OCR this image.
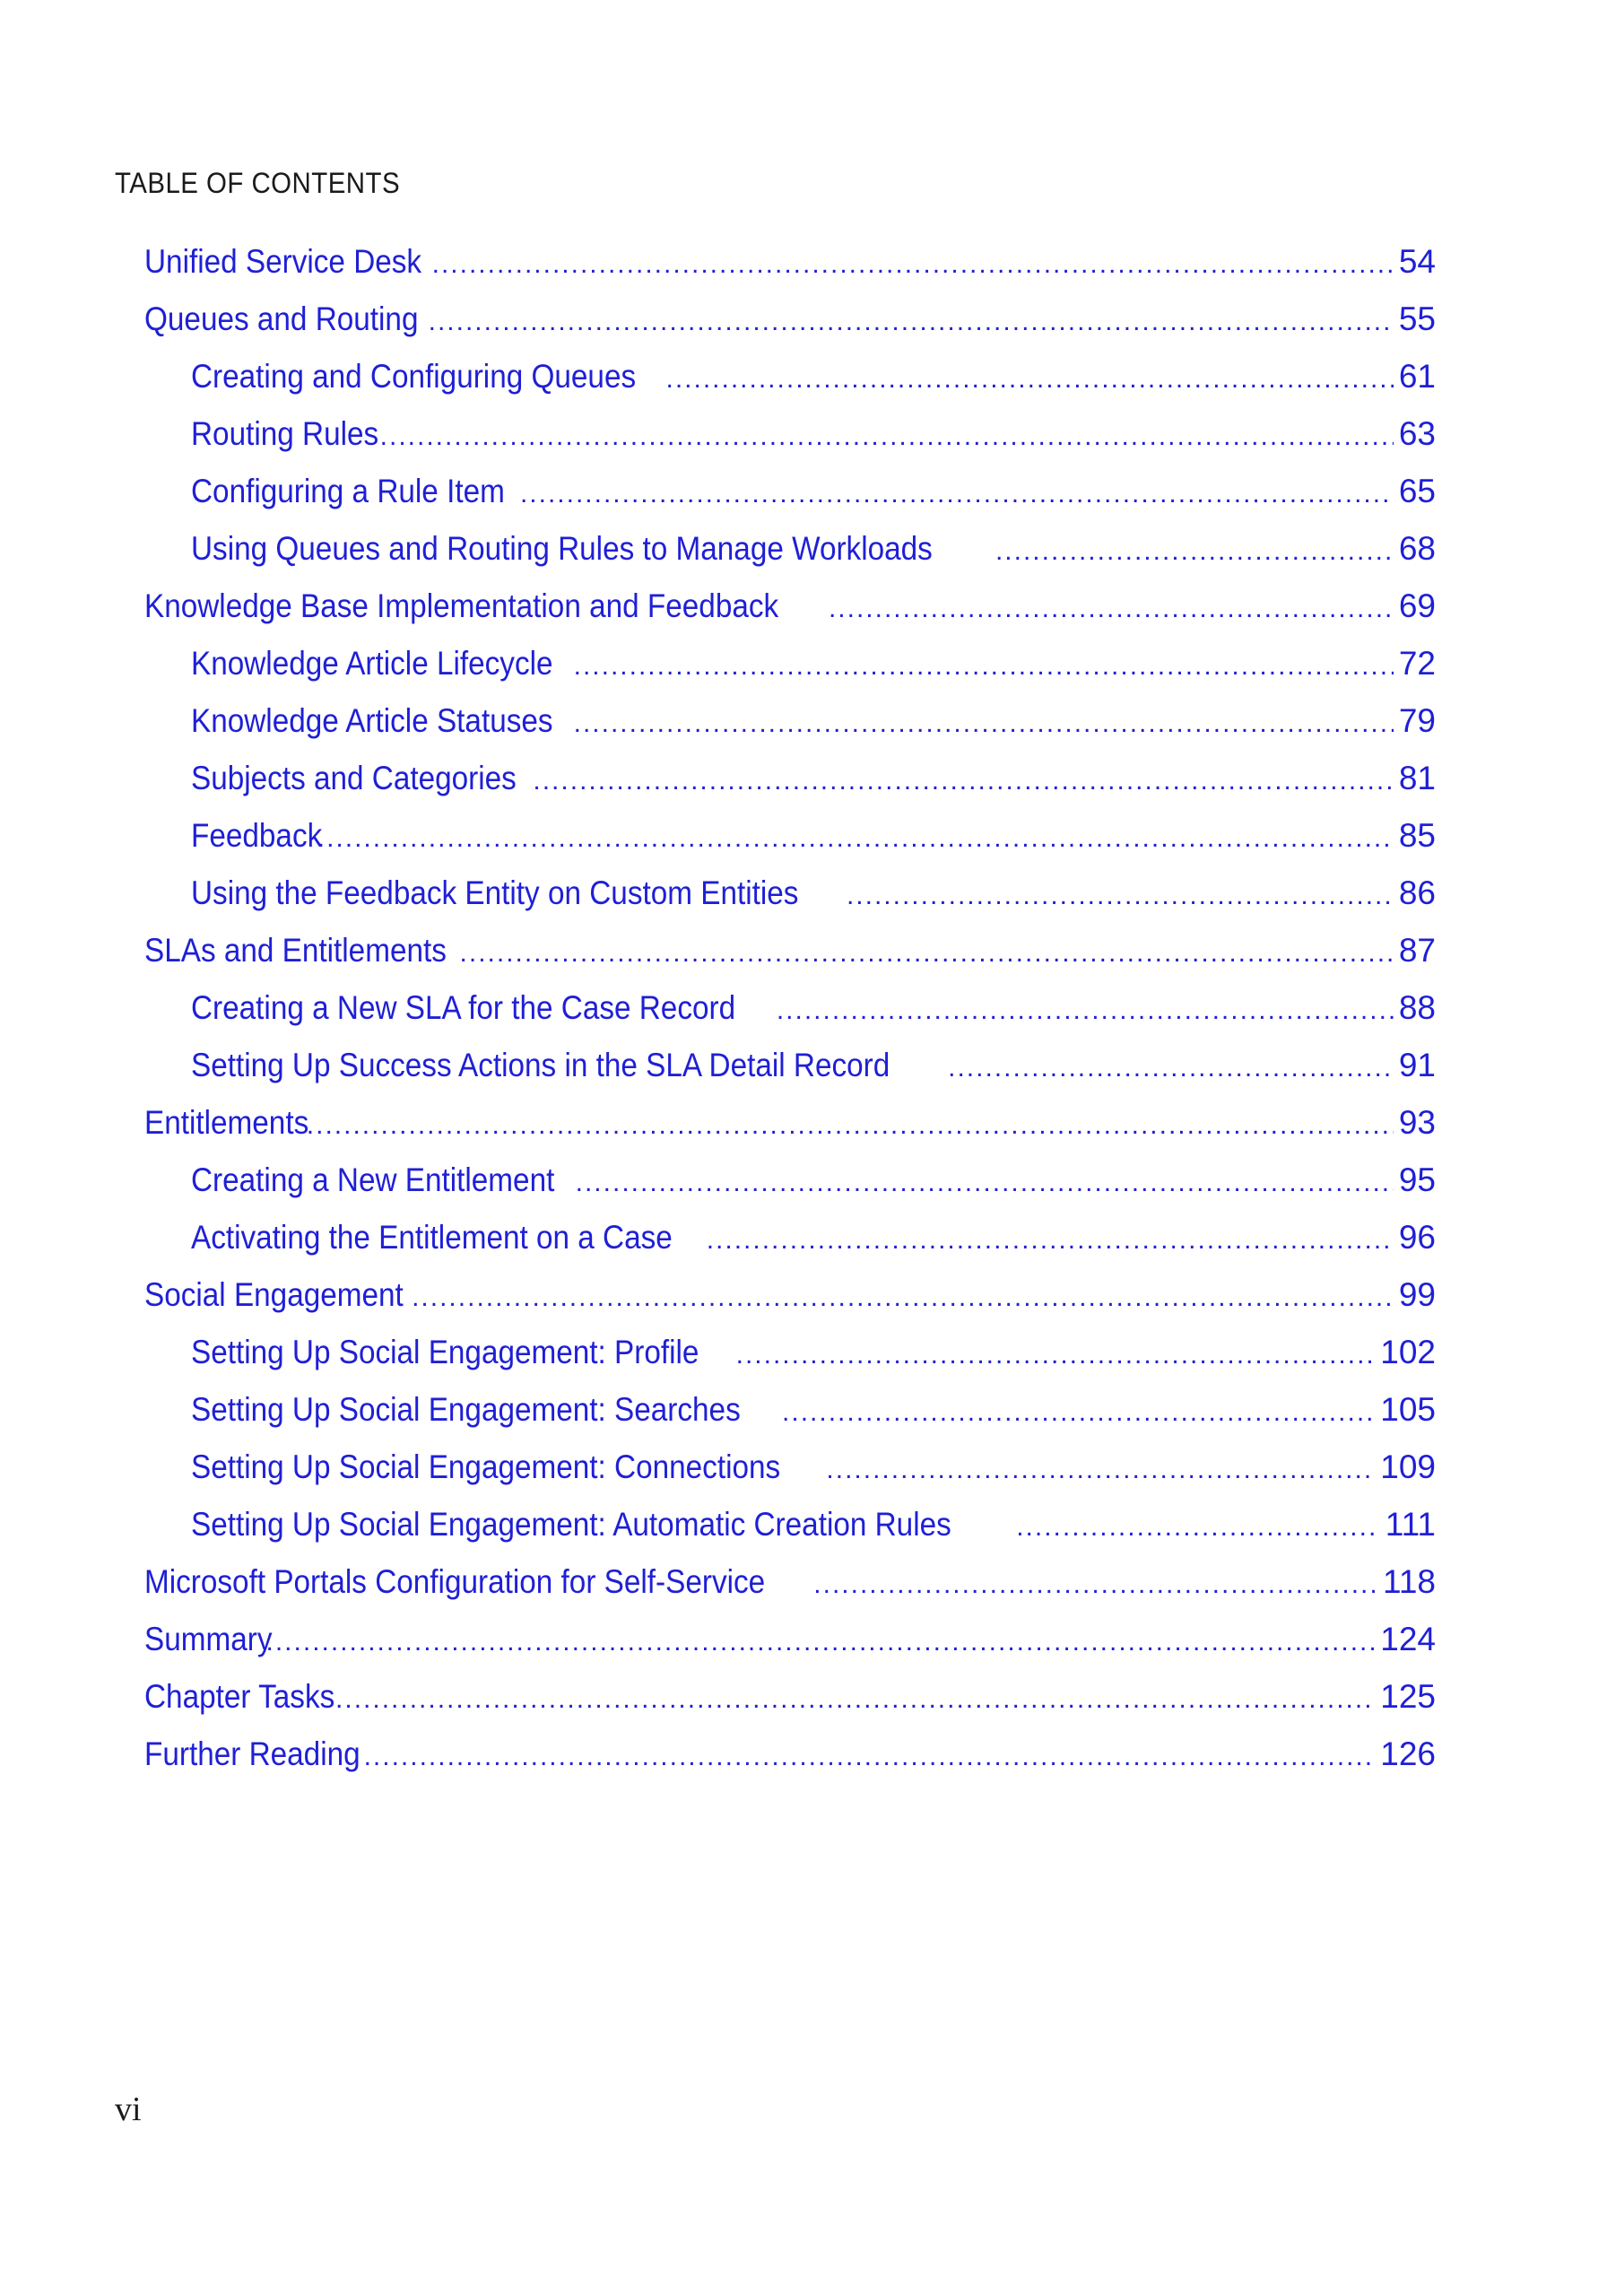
TABLE OF CONTENTS
Unified Service Desk .....	54
Queues and Routing .....	55
Creating and Configuring Queues .....	61
Routing Rules .....	63
Configuring a Rule Item .....	65
Using Queues and Routing Rules to Manage Workloads .....	68
Knowledge Base Implementation and Feedback .....	69
Knowledge Article Lifecycle .....	72
Knowledge Article Statuses .....	79
Subjects and Categories .....	81
Feedback .....	85
Using the Feedback Entity on Custom Entities .....	86
SLAs and Entitlements .....	87
Creating a New SLA for the Case Record .....	88
Setting Up Success Actions in the SLA Detail Record .....	91
Entitlements .....	93
Creating a New Entitlement .....	95
Activating the Entitlement on a Case .....	96
Social Engagement .....	99
Setting Up Social Engagement: Profile .....	102
Setting Up Social Engagement: Searches .....	105
Setting Up Social Engagement: Connections .....	109
Setting Up Social Engagement: Automatic Creation Rules .....	111
Microsoft Portals Configuration for Self-Service .....	118
Summary .....	124
Chapter Tasks .....	125
Further Reading .....	126
vi
